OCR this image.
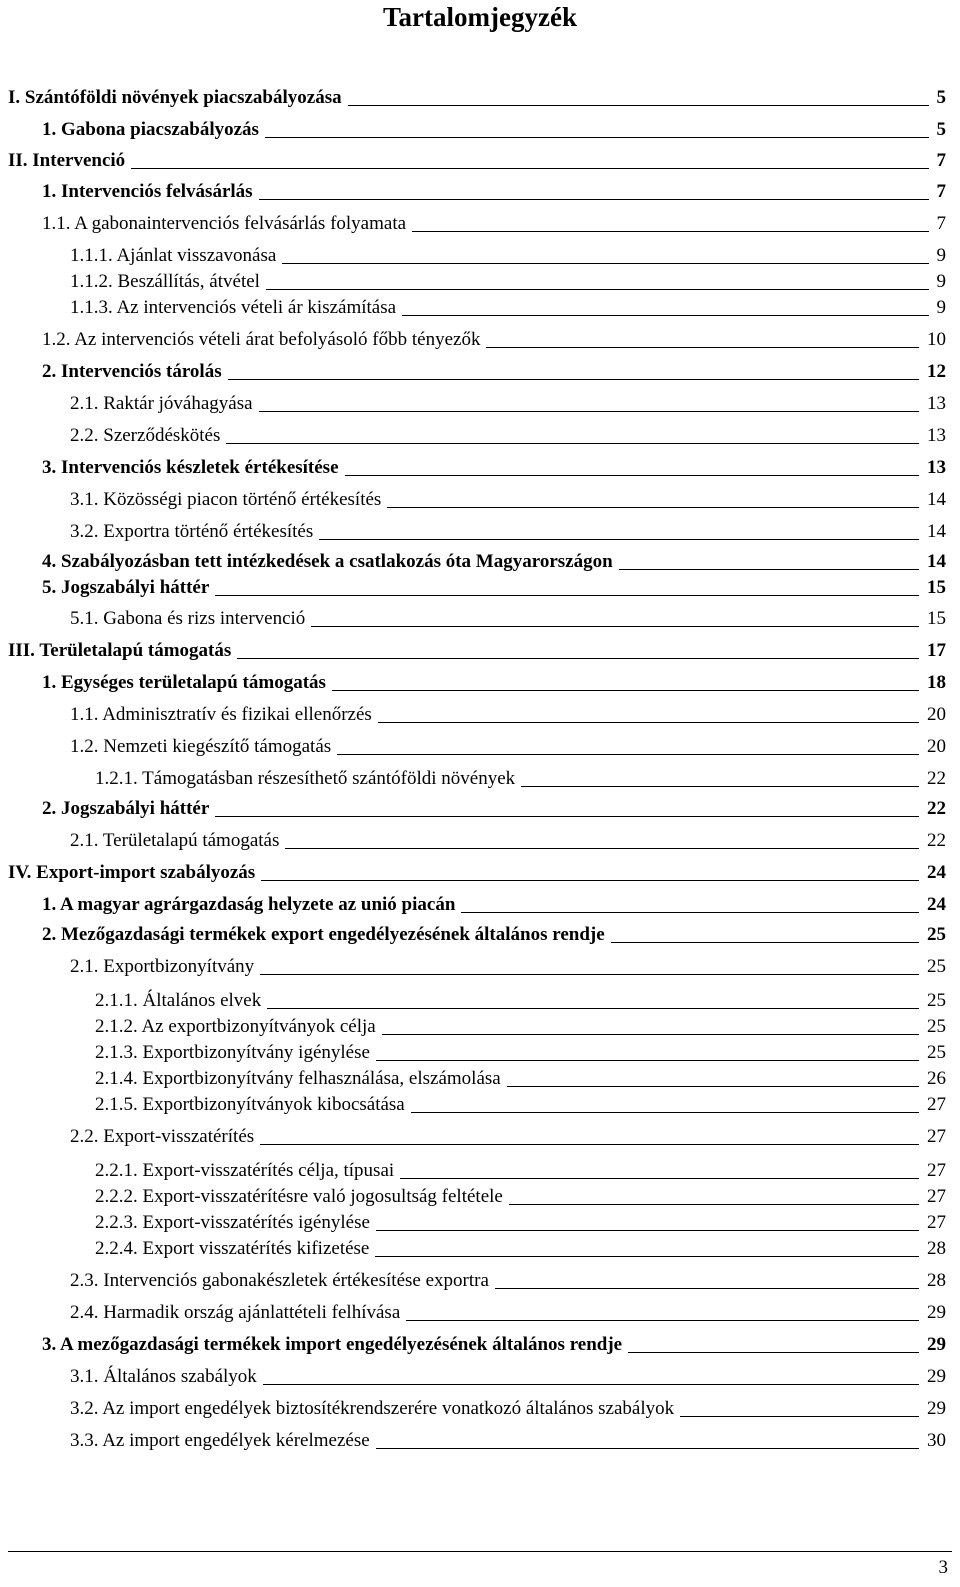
Tartalomjegyzék
I. Szántóföldi növények piacszabályozása	5
1. Gabona piacszabályozás	5
II. Intervenció	7
1. Intervenciós felvásárlás	7
1.1. A gabonaintervenciós felvásárlás folyamata	7
1.1.1. Ajánlat visszavonása	9
1.1.2. Beszállítás, átvétel	9
1.1.3. Az intervenciós vételi ár kiszámítása	9
1.2. Az intervenciós vételi árat befolyásoló főbb tényezők	10
2. Intervenciós tárolás	12
2.1. Raktár jóváhagyása	13
2.2. Szerződéskötés	13
3. Intervenciós készletek értékesítése	13
3.1. Közösségi piacon történő értékesítés	14
3.2. Exportra történő értékesítés	14
4. Szabályozásban tett intézkedések a csatlakozás óta Magyarországon	14
5. Jogszabályi háttér	15
5.1. Gabona és rizs intervenció	15
III. Területalapú támogatás	17
1. Egységes területalapú támogatás	18
1.1. Adminisztratív és fizikai ellenőrzés	20
1.2. Nemzeti kiegészítő támogatás	20
1.2.1. Támogatásban részesíthető szántóföldi növények	22
2. Jogszabályi háttér	22
2.1. Területalapú támogatás	22
IV. Export-import szabályozás	24
1. A magyar agrárgazdaság helyzete az unió piacán	24
2. Mezőgazdasági termékek export engedélyezésének általános rendje	25
2.1. Exportbizonyítvány	25
2.1.1. Általános elvek	25
2.1.2. Az exportbizonyítványok célja	25
2.1.3. Exportbizonyítvány igénylése	25
2.1.4. Exportbizonyítvány felhasználása, elszámolása	26
2.1.5. Exportbizonyítványok kibocsátása	27
2.2. Export-visszatérítés	27
2.2.1. Export-visszatérítés célja, típusai	27
2.2.2. Export-visszatérítésre való jogosultság feltétele	27
2.2.3. Export-visszatérítés igénylése	27
2.2.4. Export visszatérítés kifizetése	28
2.3. Intervenciós gabonakészletek értékesítése exportra	28
2.4. Harmadik ország ajánlattételi felhívása	29
3. A mezőgazdasági termékek import engedélyezésének általános rendje	29
3.1. Általános szabályok	29
3.2. Az import engedélyek biztosítékrendszerére vonatkozó általános szabályok	29
3.3. Az import engedélyek kérelmezése	30
3
